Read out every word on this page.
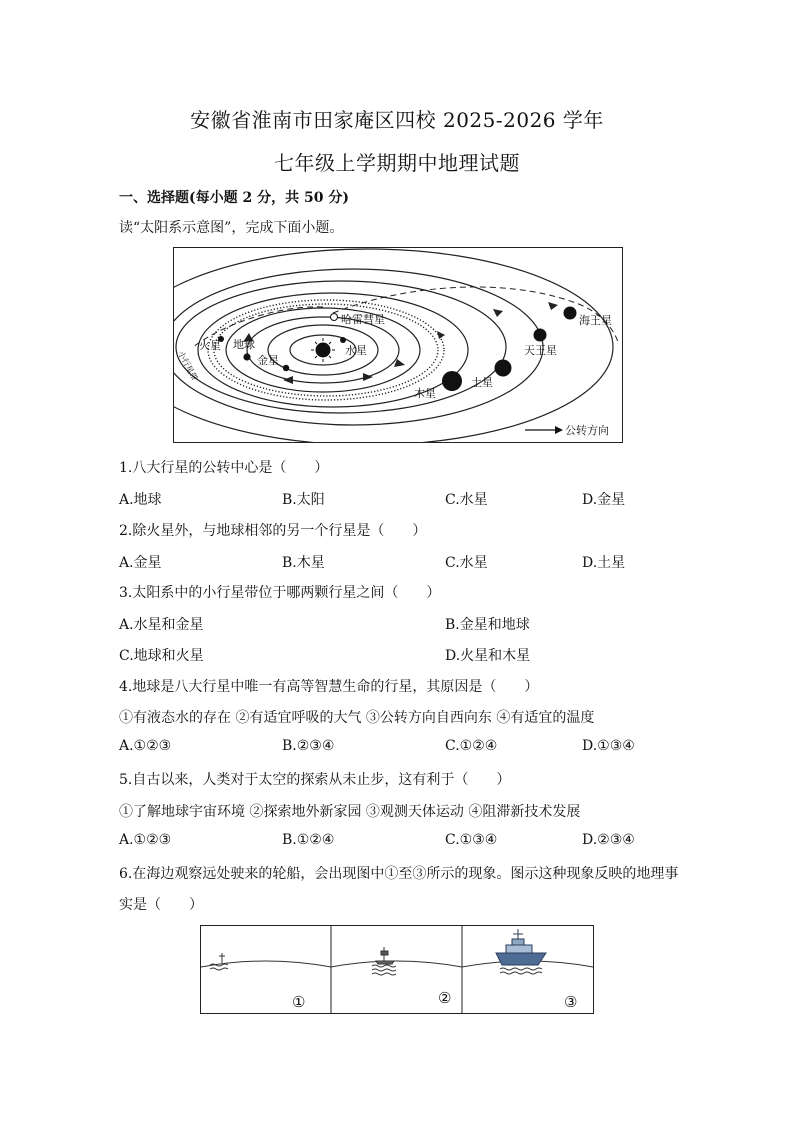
安徽省淮南市田家庵区四校 2025-2026 学年
七年级上学期期中地理试题
一、选择题(每小题 2 分，共 50 分)
读“太阳系示意图”，完成下面小题。
哈雷彗星
火星 地球
金星
水星
木星
土星
天王星
海王星
小行星带
公转方向
1.八大行星的公转中心是（　　）
A.地球	B.太阳	C.水星	D.金星
2.除火星外，与地球相邻的另一个行星是（　　）
A.金星	B.木星	C.水星	D.土星
3.太阳系中的小行星带位于哪两颗行星之间（　　）
A.水星和金星	B.金星和地球
C.地球和火星	D.火星和木星
4.地球是八大行星中唯一有高等智慧生命的行星，其原因是（　　）
①有液态水的存在 ②有适宜呼吸的大气 ③公转方向自西向东 ④有适宜的温度
A.①②③	B.②③④	C.①②④	D.①③④
5.自古以来，人类对于太空的探索从未止步，这有利于（　　）
①了解地球宇宙环境 ②探索地外新家园 ③观测天体运动 ④阻滞新技术发展
A.①②③	B.①②④	C.①③④	D.②③④
6.在海边观察远处驶来的轮船，会出现图中①至③所示的现象。图示这种现象反映的地理事
实是（　　）
①	②	③
